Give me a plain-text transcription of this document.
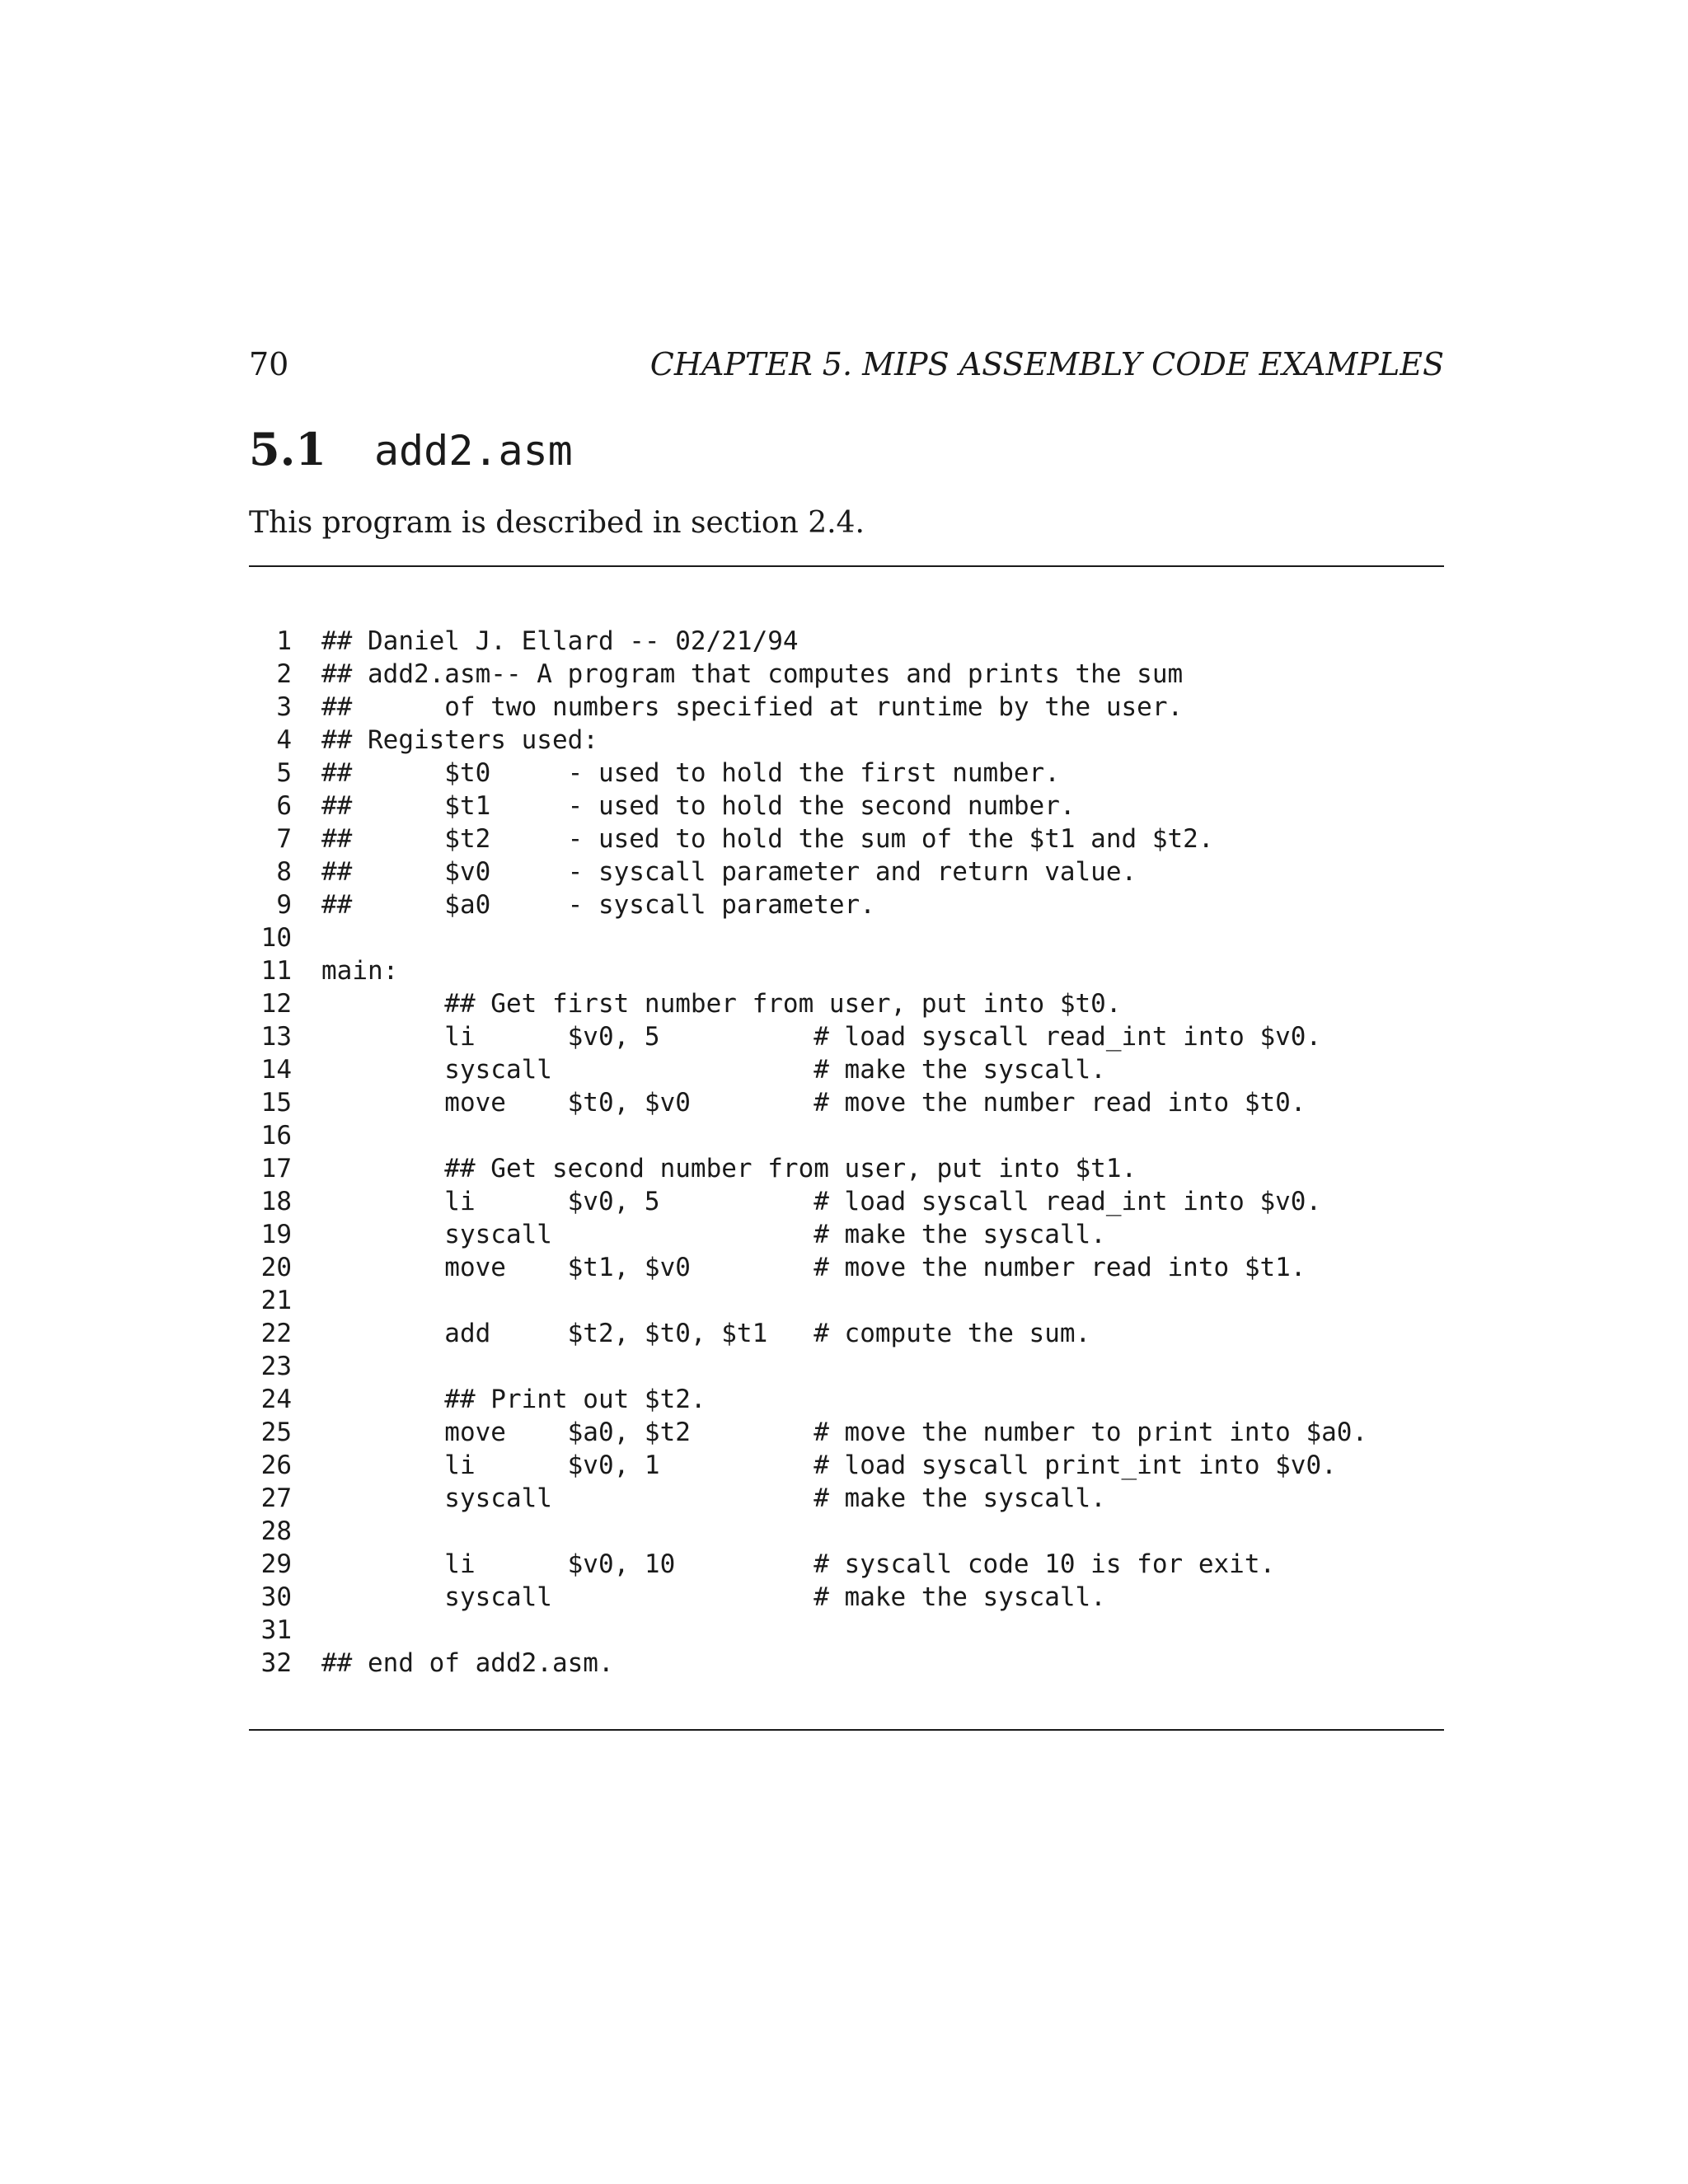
70	CHAPTER 5. MIPS ASSEMBLY CODE EXAMPLES
5.1 add2.asm
This program is described in section 2.4.
1	## Daniel J. Ellard -- 02/21/94
2	## add2.asm-- A program that computes and prints the sum
3	##      of two numbers specified at runtime by the user.
4	## Registers used:
5	##      $t0     - used to hold the first number.
6	##      $t1     - used to hold the second number.
7	##      $t2     - used to hold the sum of the $t1 and $t2.
8	##      $v0     - syscall parameter and return value.
9	##      $a0     - syscall parameter.
10
11	main:
12	## Get first number from user, put into $t0.
13	li      $v0, 5          # load syscall read_int into $v0.
14	syscall                 # make the syscall.
15	move    $t0, $v0        # move the number read into $t0.
16
17	## Get second number from user, put into $t1.
18	li      $v0, 5          # load syscall read_int into $v0.
19	syscall                 # make the syscall.
20	move    $t1, $v0        # move the number read into $t1.
21
22	add     $t2, $t0, $t1   # compute the sum.
23
24	## Print out $t2.
25	move    $a0, $t2        # move the number to print into $a0.
26	li      $v0, 1          # load syscall print_int into $v0.
27	syscall                 # make the syscall.
28
29	li      $v0, 10         # syscall code 10 is for exit.
30	syscall                 # make the syscall.
31
32	## end of add2.asm.
